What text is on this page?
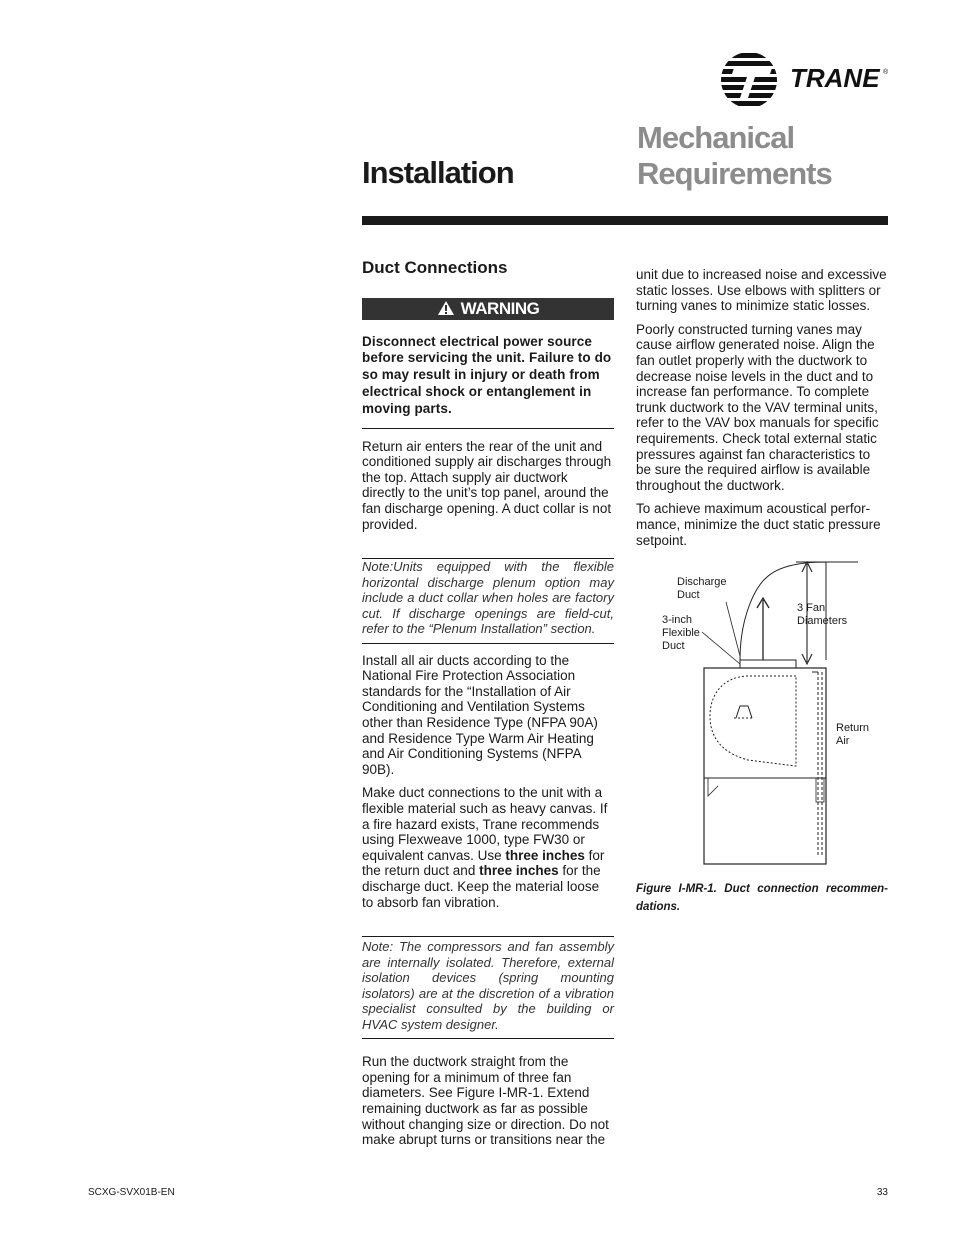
TRANE ®
Installation
Mechanical
Requirements

Duct Connections

WARNING

Disconnect electrical power source before servicing the unit. Failure to do so may result in injury or death from electrical shock or entanglement in moving parts.

Return air enters the rear of the unit and conditioned supply air discharges through the top. Attach supply air ductwork directly to the unit’s top panel, around the fan discharge opening. A duct collar is not provided.

Note:Units equipped with the flexible horizontal discharge plenum option may include a duct collar when holes are factory cut. If discharge openings are field-cut, refer to the “Plenum Installation” section.

Install all air ducts according to the National Fire Protection Association standards for the “Installation of Air Conditioning and Ventilation Systems other than Residence Type (NFPA 90A) and Residence Type Warm Air Heating and Air Conditioning Systems (NFPA 90B).

Make duct connections to the unit with a flexible material such as heavy canvas. If a fire hazard exists, Trane recommends using Flexweave 1000, type FW30 or equivalent canvas. Use three inches for the return duct and three inches for the discharge duct. Keep the material loose to absorb fan vibration.

Note: The compressors and fan assembly are internally isolated. Therefore, external isolation devices (spring mounting isolators) are at the discretion of a vibration specialist consulted by the building or HVAC system designer.

Run the ductwork straight from the opening for a minimum of three fan diameters. See Figure I-MR-1. Extend remaining ductwork as far as possible without changing size or direction. Do not make abrupt turns or transitions near the

unit due to increased noise and excessive static losses. Use elbows with splitters or turning vanes to minimize static losses.

Poorly constructed turning vanes may cause airflow generated noise. Align the fan outlet properly with the ductwork to decrease noise levels in the duct and to increase fan performance. To complete trunk ductwork to the VAV terminal units, refer to the VAV box manuals for specific requirements. Check total external static pressures against fan characteristics to be sure the required airflow is available throughout the ductwork.

To achieve maximum acoustical perfor-mance, minimize the duct static pressure setpoint.

Discharge
Duct
3-inch
Flexible
Duct
3 Fan
Diameters
Return
Air
Figure I-MR-1. Duct connection recommen-dations.
SCXG-SVX01B-EN	33
